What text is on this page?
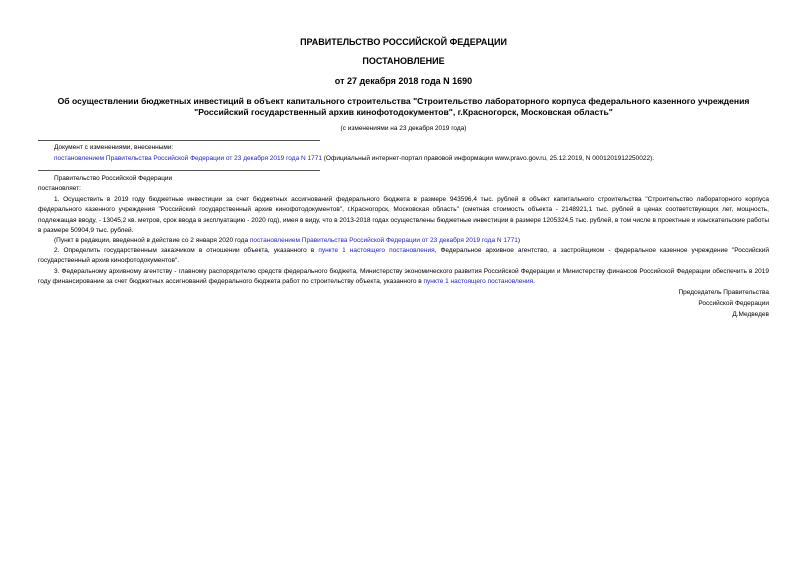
ПРАВИТЕЛЬСТВО РОССИЙСКОЙ ФЕДЕРАЦИИ
ПОСТАНОВЛЕНИЕ
от 27 декабря 2018 года N 1690
Об осуществлении бюджетных инвестиций в объект капитального строительства "Строительство лабораторного корпуса федерального казенного учреждения
"Российский государственный архив кинофотодокументов", г.Красногорск, Московская область"
(с изменениями на 23 декабря 2019 года)
Документ с изменениями, внесенными:
постановлением Правительства Российской Федерации от 23 декабря 2019 года N 1771 (Официальный интернет-портал правовой информации www.pravo.gov.ru, 25.12.2019, N 0001201912250022).
Правительство Российской Федерации
постановляет:
1. Осуществить в 2019 году бюджетные инвестиции за счет бюджетных ассигнований федерального бюджета в размере 943596,4 тыс. рублей в объект капитального строительства "Строительство лабораторного корпуса федерального казенного учреждения "Российский государственный архив кинофотодокументов", г.Красногорск, Московская область" (сметная стоимость объекта - 2148921,1 тыс. рублей в ценах соответствующих лет, мощность, подлежащая вводу, - 13045,2 кв. метров, срок ввода в эксплуатацию - 2020 год), имея в виду, что в 2013-2018 годах осуществлены бюджетные инвестиции в размере 1205324,5 тыс. рублей, в том числе в проектные и изыскательские работы в размере 50904,9 тыс. рублей.
(Пункт в редакции, введенной в действие со 2 января 2020 года постановлением Правительства Российской Федерации от 23 декабря 2019 года N 1771)
2. Определить государственным заказчиком в отношении объекта, указанного в пункте 1 настоящего постановления, Федеральное архивное агентство, а застройщиком - федеральное казенное учреждение "Российский государственный архив кинофотодокументов".
3. Федеральному архивному агентству - главному распорядителю средств федерального бюджета, Министерству экономического развития Российской Федерации и Министерству финансов Российской Федерации обеспечить в 2019 году финансирование за счет бюджетных ассигнований федерального бюджета работ по строительству объекта, указанного в пункте 1 настоящего постановления.
Председатель Правительства
Российской Федерации
Д.Медведев
